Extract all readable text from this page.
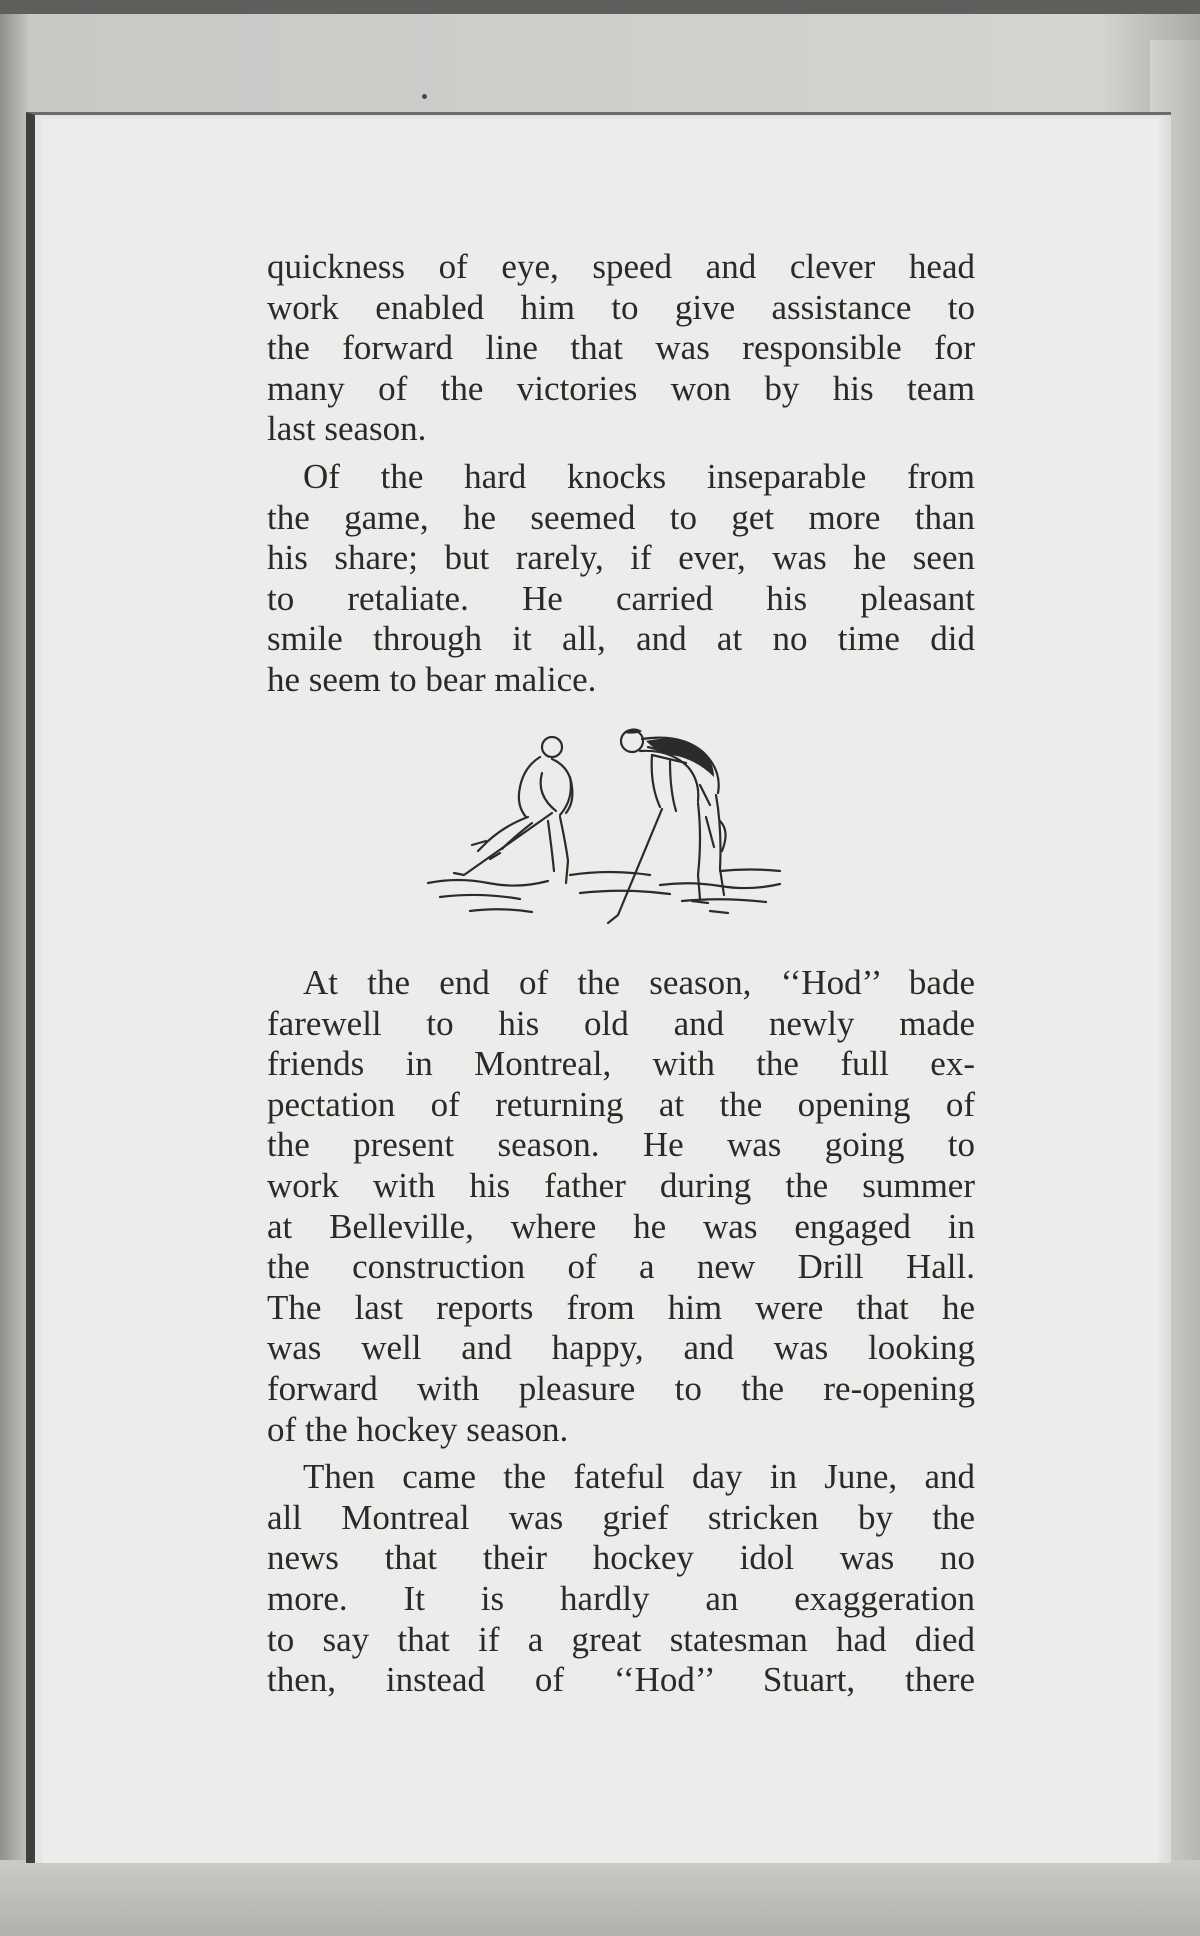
quickness of eye, speed and clever head
work enabled him to give assistance to
the forward line that was responsible for
many of the victories won by his team
last season.
Of the hard knocks inseparable from
the game, he seemed to get more than
his share; but rarely, if ever, was he seen
to retaliate. He carried his pleasant
smile through it all, and at no time did
he seem to bear malice.
At the end of the season, ‘‘Hod’’ bade
farewell to his old and newly made
friends in Montreal, with the full ex-
pectation of returning at the opening of
the present season. He was going to
work with his father during the summer
at Belleville, where he was engaged in
the construction of a new Drill Hall.
The last reports from him were that he
was well and happy, and was looking
forward with pleasure to the re-opening
of the hockey season.
Then came the fateful day in June, and
all Montreal was grief stricken by the
news that their hockey idol was no
more. It is hardly an exaggeration
to say that if a great statesman had died
then, instead of ‘‘Hod’’ Stuart, there
